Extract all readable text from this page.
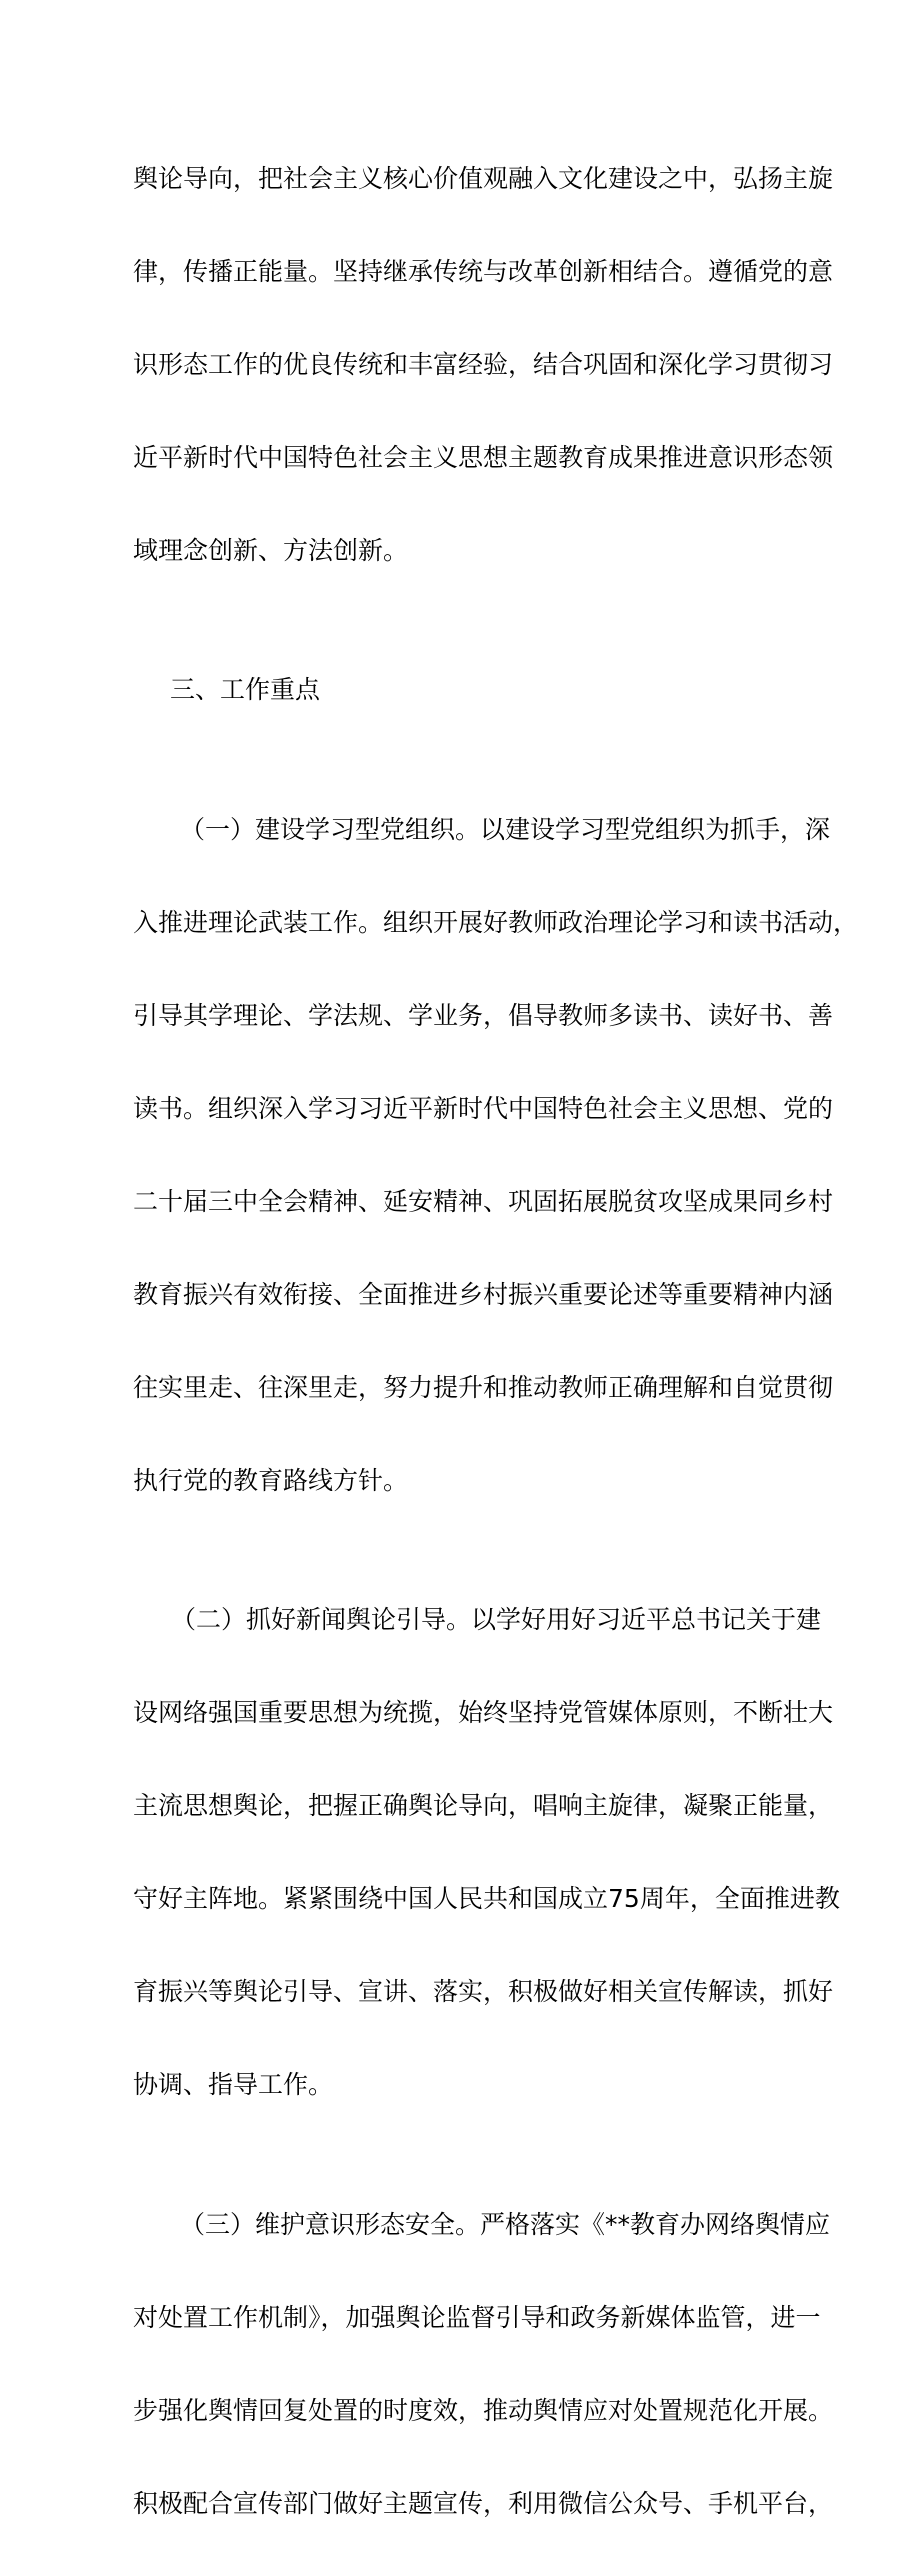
舆论导向，把社会主义核心价值观融入文化建设之中，弘扬主旋

律，传播正能量。坚持继承传统与改革创新相结合。遵循党的意

识形态工作的优良传统和丰富经验，结合巩固和深化学习贯彻习

近平新时代中国特色社会主义思想主题教育成果推进意识形态领

域理念创新、方法创新。

三、工作重点

（一）建设学习型党组织。以建设学习型党组织为抓手，深

入推进理论武装工作。组织开展好教师政治理论学习和读书活动，

引导其学理论、学法规、学业务，倡导教师多读书、读好书、善

读书。组织深入学习习近平新时代中国特色社会主义思想、党的

二十届三中全会精神、延安精神、巩固拓展脱贫攻坚成果同乡村

教育振兴有效衔接、全面推进乡村振兴重要论述等重要精神内涵

往实里走、往深里走，努力提升和推动教师正确理解和自觉贯彻

执行党的教育路线方针。

（二）抓好新闻舆论引导。以学好用好习近平总书记关于建

设网络强国重要思想为统揽，始终坚持党管媒体原则，不断壮大

主流思想舆论，把握正确舆论导向，唱响主旋律，凝聚正能量，

守好主阵地。紧紧围绕中国人民共和国成立75周年，全面推进教

育振兴等舆论引导、宣讲、落实，积极做好相关宣传解读，抓好

协调、指导工作。

（三）维护意识形态安全。严格落实《**教育办网络舆情应

对处置工作机制》，加强舆论监督引导和政务新媒体监管，进一

步强化舆情回复处置的时度效，推动舆情应对处置规范化开展。

积极配合宣传部门做好主题宣传，利用微信公众号、手机平台，
